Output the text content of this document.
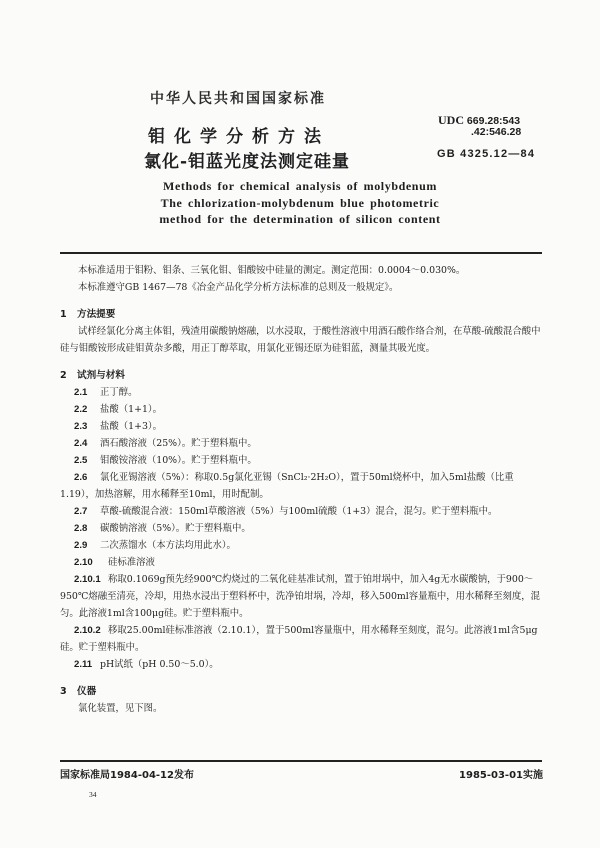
中华人民共和国国家标准
钼化学分析方法
氯化-钼蓝光度法测定硅量
UDC 669.28:543
.42:546.28
GB 4325.12—84
Methods for chemical analysis of molybdenum
The chlorization-molybdenum blue photometric
method for the determination of silicon content

本标准适用于钼粉、钼条、三氧化钼、钼酸铵中硅量的测定。测定范围：0.0004～0.030%。

本标准遵守GB 1467—78《冶金产品化学分析方法标准的总则及一般规定》。

1 方法提要

试样经氯化分离主体钼，残渣用碳酸钠熔融，以水浸取，于酸性溶液中用酒石酸作络合剂，在草酸-硫酸混合酸中硅与钼酸铵形成硅钼黄杂多酸，用正丁醇萃取，用氯化亚锡还原为硅钼蓝，测量其吸光度。

2 试剂与材料

2.1 正丁醇。

2.2 盐酸（1+1）。

2.3 盐酸（1+3）。

2.4 酒石酸溶液（25%）。贮于塑料瓶中。

2.5 钼酸铵溶液（10%）。贮于塑料瓶中。

2.6 氯化亚锡溶液（5%）：称取0.5g氯化亚锡（SnCl₂·2H₂O），置于50ml烧杯中，加入5ml盐酸（比重1.19），加热溶解，用水稀释至10ml，用时配制。

2.7 草酸-硫酸混合液：150ml草酸溶液（5%）与100ml硫酸（1+3）混合，混匀。贮于塑料瓶中。

2.8 碳酸钠溶液（5%）。贮于塑料瓶中。

2.9 二次蒸馏水（本方法均用此水）。

2.10 硅标准溶液

2.10.1 称取0.1069g预先经900℃灼烧过的二氧化硅基准试剂，置于铂坩埚中，加入4g无水碳酸钠，于900～950℃熔融至清亮，冷却，用热水浸出于塑料杯中，洗净铂坩埚，冷却，移入500ml容量瓶中，用水稀释至刻度，混匀。此溶液1ml含100μg硅。贮于塑料瓶中。

2.10.2 移取25.00ml硅标准溶液（2.10.1），置于500ml容量瓶中，用水稀释至刻度，混匀。此溶液1ml含5μg硅。贮于塑料瓶中。

2.11 pH试纸（pH 0.50～5.0）。

3 仪器

氯化装置，见下图。

国家标准局1984-04-12发布	1985-03-01实施
34
